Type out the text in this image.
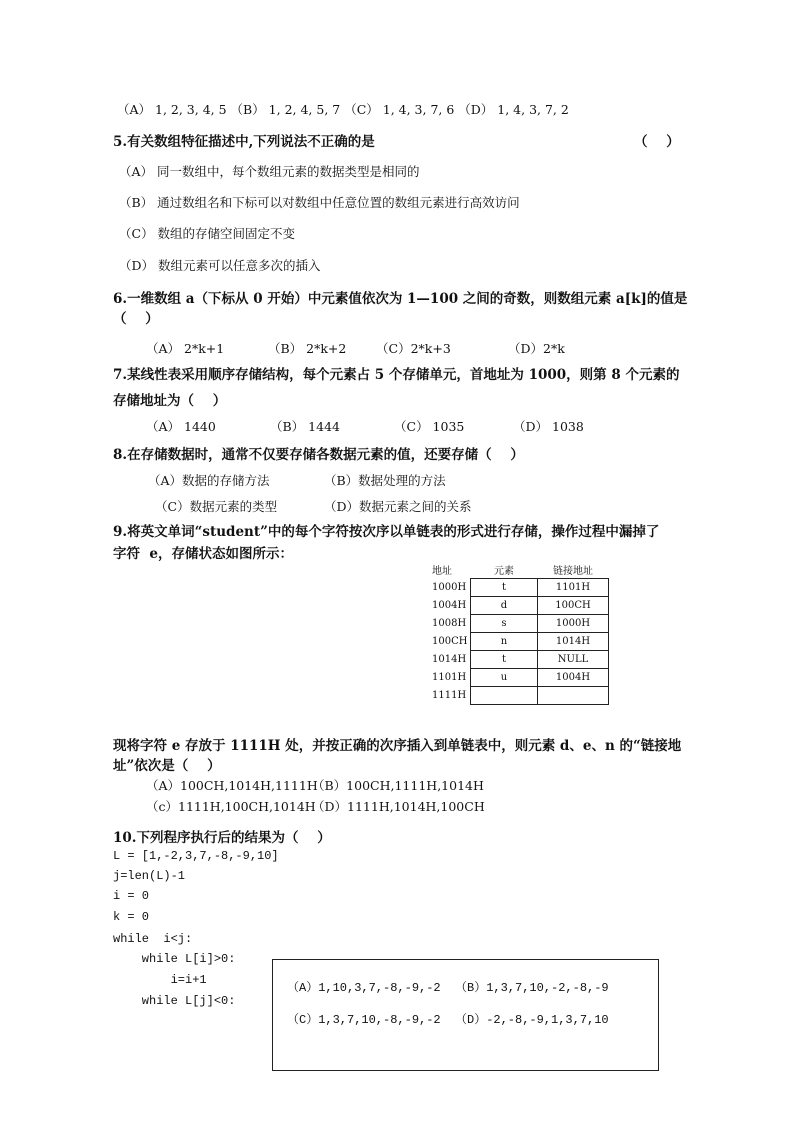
（A） 1, 2, 3, 4, 5 （B） 1, 2, 4, 5, 7 （C） 1, 4, 3, 7, 6 （D） 1, 4, 3, 7, 2
5.有关数组特征描述中,下列说法不正确的是	（    ）
（A） 同一数组中，每个数组元素的数据类型是相同的
（B） 通过数组名和下标可以对数组中任意位置的数组元素进行高效访问
（C） 数组的存储空间固定不变
（D） 数组元素可以任意多次的插入
6.一维数组 a（下标从 0 开始）中元素值依次为 1—100 之间的奇数，则数组元素 a[k]的值是
（    ）
（A） 2*k+1	（B） 2*k+2 （C）2*k+3	（D）2*k
7.某线性表采用顺序存储结构，每个元素占 5 个存储单元，首地址为 1000，则第 8 个元素的
存储地址为（    ）
（A） 1440	（B） 1444	（C） 1035	（D） 1038
8.在存储数据时，通常不仅要存储各数据元素的值，还要存储（    ）
（A）数据的存储方法	（B）数据处理的方法
（C）数据元素的类型	（D）数据元素之间的关系
9.将英文单词“student”中的每个字符按次序以单链表的形式进行存储，操作过程中漏掉了
字符  e，存储状态如图所示：
地址	元素	链接地址
1000H	t	1101H
1004H	d	100CH
1008H	s	1000H
100CH	n	1014H
1014H	t	NULL
1101H	u	1004H
1111H		
现将字符 e 存放于 1111H 处，并按正确的次序插入到单链表中，则元素 d、e、n 的“链接地
址”依次是（    ）
（A）100CH,1014H,1111H
（B）100CH,1111H,1014H
（c）1111H,100CH,1014H
（D）1111H,1014H,100CH
10.下列程序执行后的结果为（    ）
L = [1,-2,3,7,-8,-9,10]
j=len(L)-1
i = 0
k = 0
while  i<j:
while L[i]>0:
i=i+1
while L[j]<0:
（A）1,10,3,7,-8,-9,-2 （B）1,3,7,10,-2,-8,-9
（C）1,3,7,10,-8,-9,-2 （D）-2,-8,-9,1,3,7,10
